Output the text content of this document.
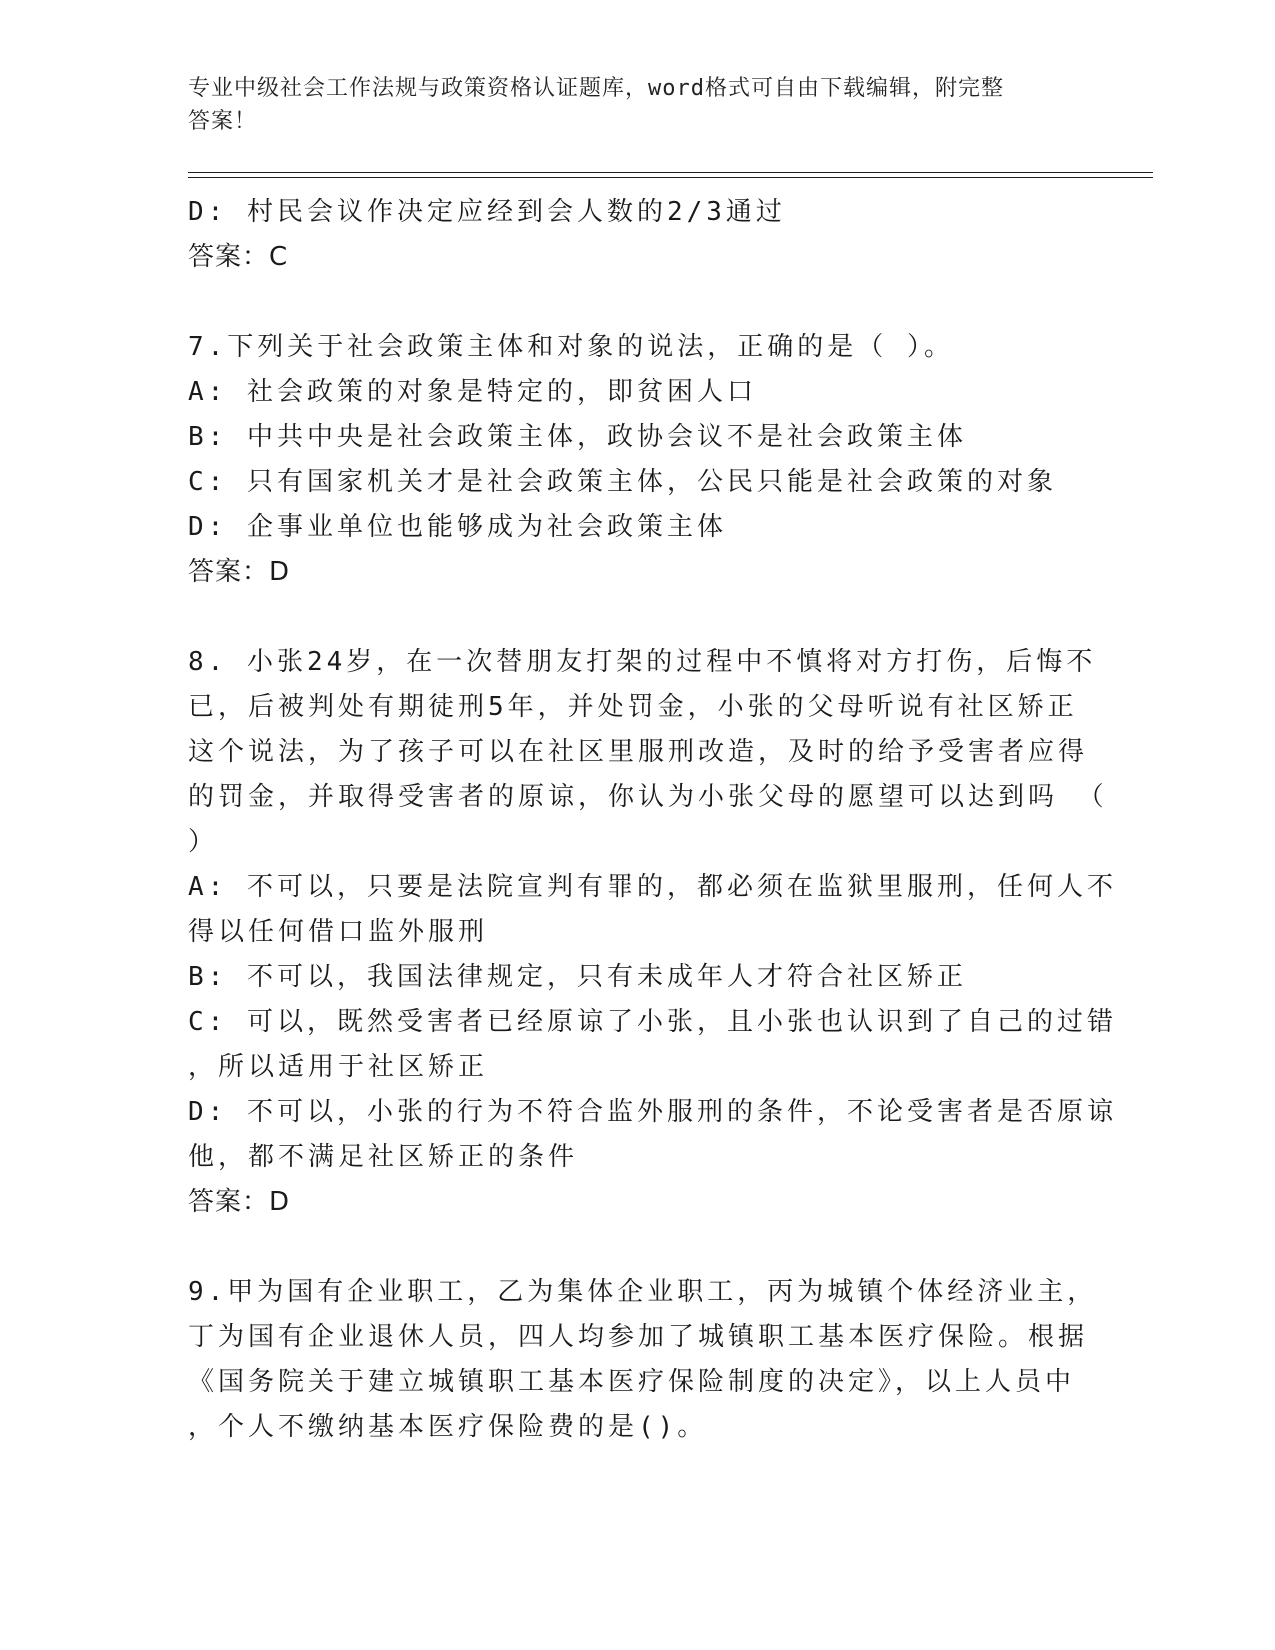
专业中级社会工作法规与政策资格认证题库，word格式可自由下载编辑，附完整
答案！
D: 村民会议作决定应经到会人数的2/3通过
答案：C
7.下列关于社会政策主体和对象的说法，正确的是（ ）。
A: 社会政策的对象是特定的，即贫困人口
B: 中共中央是社会政策主体，政协会议不是社会政策主体
C: 只有国家机关才是社会政策主体，公民只能是社会政策的对象
D: 企事业单位也能够成为社会政策主体
答案：D
8. 小张24岁，在一次替朋友打架的过程中不慎将对方打伤，后悔不
已，后被判处有期徒刑5年，并处罚金，小张的父母听说有社区矫正
这个说法，为了孩子可以在社区里服刑改造，及时的给予受害者应得
的罚金，并取得受害者的原谅，你认为小张父母的愿望可以达到吗 （
）
A: 不可以，只要是法院宣判有罪的，都必须在监狱里服刑，任何人不
得以任何借口监外服刑
B: 不可以，我国法律规定，只有未成年人才符合社区矫正
C: 可以，既然受害者已经原谅了小张，且小张也认识到了自己的过错
，所以适用于社区矫正
D: 不可以，小张的行为不符合监外服刑的条件，不论受害者是否原谅
他，都不满足社区矫正的条件
答案：D
9.甲为国有企业职工，乙为集体企业职工，丙为城镇个体经济业主，
丁为国有企业退休人员，四人均参加了城镇职工基本医疗保险。根据
《国务院关于建立城镇职工基本医疗保险制度的决定》，以上人员中
，个人不缴纳基本医疗保险费的是()。
